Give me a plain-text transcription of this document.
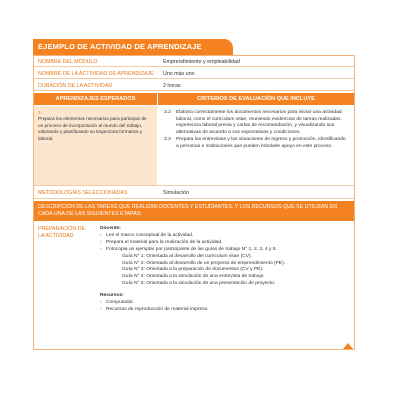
EJEMPLO DE ACTIVIDAD DE APRENDIZAJE
NOMBRE DEL MÓDULO	Emprendimiento y empleabilidad
NOMBRE DE LA ACTIVIDAD DE APRENDIZAJE	Uno más uno
DURACIÓN DE LA ACTIVIDAD	2 horas
APRENDIZAJES ESPERADOS	CRITERIOS DE EVALUACIÓN QUE INCLUYE
3.
Prepara los elementos necesarios para participar de un proceso de incorporación al mundo del trabajo, valorando y planificando su trayectoria formativa y laboral.
3.2 Elabora correctamente los documentos necesarios para iniciar una actividad laboral, como el curriculum vitae, reuniendo evidencias de tareas realizadas, experiencia laboral previa y cartas de recomendación, y visualizando sus alternativas de acuerdo a sus expectativas y condiciones.
3.3 Prepara las entrevistas y las situaciones de ingreso y promoción, identificando a personas e instituciones que pueden brindarle apoyo en este proceso.
METODOLOGÍAS SELECCIONADAS	Simulación
DESCRIPCIÓN DE LAS TAREAS QUE REALIZAN DOCENTES Y ESTUDIANTES, Y LOS RECURSOS QUE SE UTILIZAN EN CADA UNA DE LAS SIGUIENTES ETAPAS:
PREPARACIÓN DE LA ACTIVIDAD
Docente:
› Lee el marco conceptual de la actividad.
› Prepara el material para la realización de la actividad.
› Fotocopia un ejemplar por participante de las guías de trabajo N° 1, 2, 3, 4 y 5:
Guía N° 1: Orientada al desarrollo del curriculum vitae (CV).
Guía N° 2: Orientada al desarrollo de un proyecto de emprendimiento (PE).
Guía N° 3: Orientada a la preparación de documentos (CV y PE).
Guía N° 4: Orientada a la simulación de una entrevista de trabajo.
Guía N° 5: Orientada a la simulación de una presentación de proyecto.
Recursos:
› Computador.
› Recursos de reproducción de material impreso.
